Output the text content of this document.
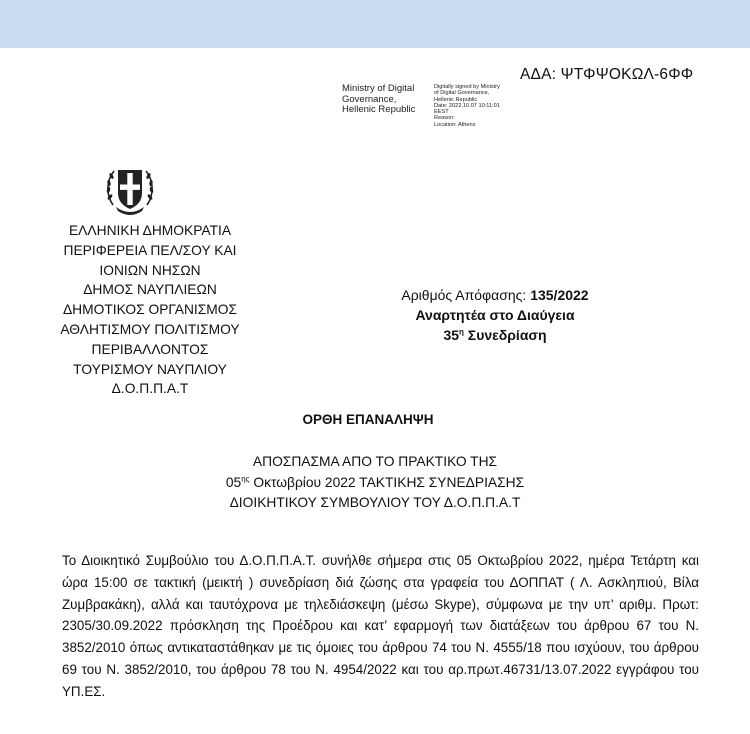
ΑΔΑ: ΨΤΦΨΟΚΩΛ-6ΦΦ
Ministry of Digital
Governance,
Hellenic Republic
Digitally signed by Ministry
of Digital Governance,
Hellenic Republic
Date: 2022.10.07 10:11:01
EEST
Reason:
Location: Athens
ΕΛΛΗΝΙΚΗ ΔΗΜΟΚΡΑΤΙΑ
ΠΕΡΙΦΕΡΕΙΑ ΠΕΛ/ΣΟΥ ΚΑΙ
ΙΟΝΙΩΝ ΝΗΣΩΝ
ΔΗΜΟΣ ΝΑΥΠΛΙΕΩΝ
ΔΗΜΟΤΙΚΟΣ ΟΡΓΑΝΙΣΜΟΣ
ΑΘΛΗΤΙΣΜΟΥ ΠΟΛΙΤΙΣΜΟΥ
ΠΕΡΙΒΑΛΛΟΝΤΟΣ
ΤΟΥΡΙΣΜΟΥ ΝΑΥΠΛΙΟΥ
Δ.Ο.Π.Π.Α.Τ
Αριθμός Απόφασης: 135/2022
Αναρτητέα στο Διαύγεια
$35^\eta$ Συνεδρίαση
ΟΡΘΗ ΕΠΑΝΑΛΗΨΗ
ΑΠΟΣΠΑΣΜΑ ΑΠΟ ΤΟ ΠΡΑΚΤΙΚΟ ΤΗΣ
$05^{\eta\varsigma}$ Οκτωβρίου 2022 ΤΑΚΤΙΚΗΣ ΣΥΝΕΔΡΙΑΣΗΣ
ΔΙΟΙΚΗΤΙΚΟΥ ΣΥΜΒΟΥΛΙΟΥ ΤΟΥ Δ.Ο.Π.Π.Α.Τ
Το Διοικητικό Συμβούλιο του Δ.Ο.Π.Π.Α.Τ. συνήλθε σήμερα στις 05 Οκτωβρίου 2022, ημέρα Τετάρτη και ώρα 15:00 σε τακτική (μεικτή ) συνεδρίαση διά ζώσης στα γραφεία του ΔΟΠΠΑΤ ( Λ. Ασκληπιού, Βίλα Ζυμβρακάκη), αλλά και ταυτόχρονα με τηλεδιάσκεψη (μέσω Skype), σύμφωνα με την υπ’ αριθμ. Πρωτ: 2305/30.09.2022 πρόσκληση της Προέδρου και κατ’ εφαρμογή των διατάξεων του άρθρου 67 του Ν. 3852/2010 όπως αντικαταστάθηκαν με τις όμοιες του άρθρου 74 του Ν. 4555/18 που ισχύουν, του άρθρου 69 του Ν. 3852/2010, του άρθρου 78 του Ν. 4954/2022 και του αρ.πρωτ.46731/13.07.2022 εγγράφου του ΥΠ.ΕΣ.
